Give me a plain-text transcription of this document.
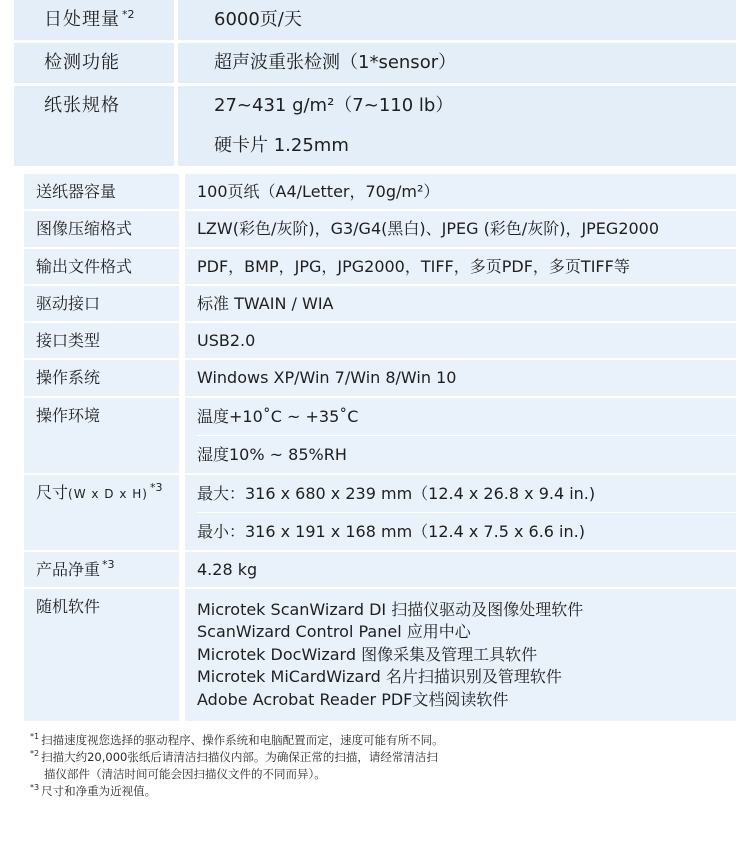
日处理量 $^{*2}$	6000页/天
检测功能	超声波重张检测（1*sensor）
纸张规格	27~431 g/m²（7~110 lb）
硬卡片 1.25mm
送纸器容量	100页纸（A4/Letter，70g/m²）
图像压缩格式	LZW(彩色/灰阶)，G3/G4(黑白)、JPEG (彩色/灰阶)，JPEG2000
输出文件格式	PDF，BMP，JPG，JPG2000，TIFF，多页PDF，多页TIFF等
驱动接口	标准 TWAIN / WIA
接口类型	USB2.0
操作系统	Windows XP/Win 7/Win 8/Win 10
操作环境	温度+10˚C ~ +35˚C
湿度10% ~ 85%RH
尺寸(W x D x H) $^{*3}$	最大：316 x 680 x 239 mm（12.4 x 26.8 x 9.4 in.)
最小：316 x 191 x 168 mm（12.4 x 7.5 x 6.6 in.)
产品净重 $^{*3}$	4.28 kg
随机软件	Microtek ScanWizard DI 扫描仪驱动及图像处理软件
ScanWizard Control Panel 应用中心
Microtek DocWizard 图像采集及管理工具软件
Microtek MiCardWizard 名片扫描识别及管理软件
Adobe Acrobat Reader PDF文档阅读软件
$^{*1}$ 扫描速度视您选择的驱动程序、操作系统和电脑配置而定，速度可能有所不同。
$^{*2}$ 扫描大约20,000张纸后请清洁扫描仪内部。为确保正常的扫描，请经常清洁扫
描仪部件（清洁时间可能会因扫描仪文件的不同而异）。
$^{*3}$ 尺寸和净重为近视值。
